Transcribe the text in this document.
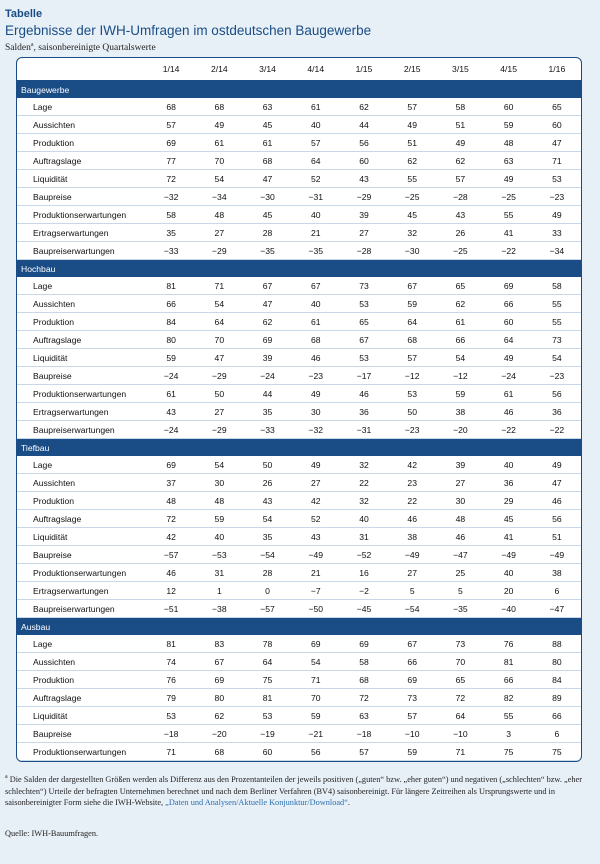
Tabelle
Ergebnisse der IWH-Umfragen im ostdeutschen Baugewerbe
Salden$^a$, saisonbereinigte Quartalswerte
	1/14	2/14	3/14	4/14	1/15	2/15	3/15	4/15	1/16
Baugewerbe									
Lage	68	68	63	61	62	57	58	60	65
Aussichten	57	49	45	40	44	49	51	59	60
Produktion	69	61	61	57	56	51	49	48	47
Auftragslage	77	70	68	64	60	62	62	63	71
Liquidität	72	54	47	52	43	55	57	49	53
Baupreise	−32	−34	−30	−31	−29	−25	−28	−25	−23
Produktionserwartungen	58	48	45	40	39	45	43	55	49
Ertragserwartungen	35	27	28	21	27	32	26	41	33
Baupreiserwartungen	−33	−29	−35	−35	−28	−30	−25	−22	−34
Hochbau									
Lage	81	71	67	67	73	67	65	69	58
Aussichten	66	54	47	40	53	59	62	66	55
Produktion	84	64	62	61	65	64	61	60	55
Auftragslage	80	70	69	68	67	68	66	64	73
Liquidität	59	47	39	46	53	57	54	49	54
Baupreise	−24	−29	−24	−23	−17	−12	−12	−24	−23
Produktionserwartungen	61	50	44	49	46	53	59	61	56
Ertragserwartungen	43	27	35	30	36	50	38	46	36
Baupreiserwartungen	−24	−29	−33	−32	−31	−23	−20	−22	−22
Tiefbau									
Lage	69	54	50	49	32	42	39	40	49
Aussichten	37	30	26	27	22	23	27	36	47
Produktion	48	48	43	42	32	22	30	29	46
Auftragslage	72	59	54	52	40	46	48	45	56
Liquidität	42	40	35	43	31	38	46	41	51
Baupreise	−57	−53	−54	−49	−52	−49	−47	−49	−49
Produktionserwartungen	46	31	28	21	16	27	25	40	38
Ertragserwartungen	12	1	0	−7	−2	5	5	20	6
Baupreiserwartungen	−51	−38	−57	−50	−45	−54	−35	−40	−47
Ausbau									
Lage	81	83	78	69	69	67	73	76	88
Aussichten	74	67	64	54	58	66	70	81	80
Produktion	76	69	75	71	68	69	65	66	84
Auftragslage	79	80	81	70	72	73	72	82	89
Liquidität	53	62	53	59	63	57	64	55	66
Baupreise	−18	−20	−19	−21	−18	−10	−10	3	6
Produktionserwartungen	71	68	60	56	57	59	71	75	75

$^a$ Die Salden der dargestellten Größen werden als Differenz aus den Prozentanteilen der jeweils positiven („guten“ bzw. „eher guten“) und negativen („schlechten“ bzw. „eher schlechten“) Urteile der befragten Unternehmen berechnet und nach dem Berliner Verfahren (BV4) saisonbereinigt. Für längere Zeitreihen als Ursprungswerte und in saisonbereinigter Form siehe die IWH-Website, „Daten und Analysen/Aktuelle Konjunktur/Download“.
Quelle: IWH-Bauumfragen.
